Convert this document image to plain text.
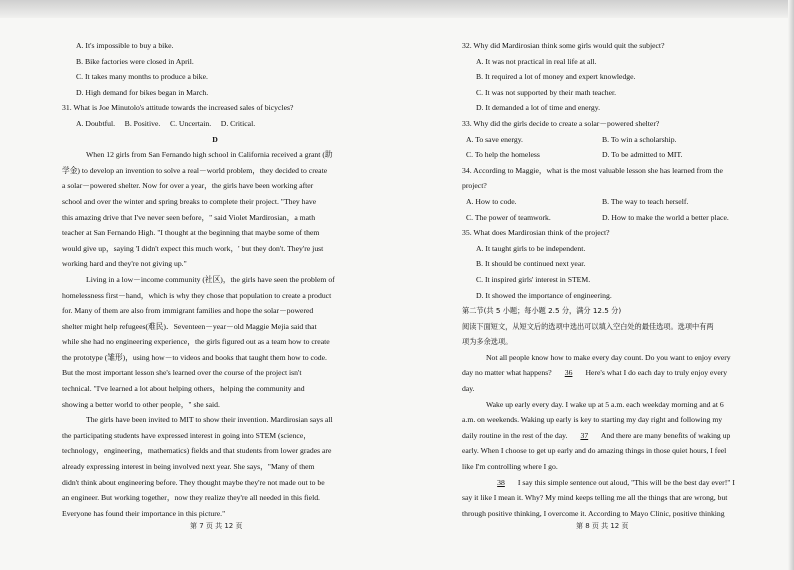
A. It's impossible to buy a bike.

B. Bike factories were closed in April.

C. It takes many months to produce a bike.

D. High demand for bikes began in March.

31. What is Joe Minutolo's attitude towards the increased sales of bicycles?

A. Doubtful.     B. Positive.     C. Uncertain.     D. Critical.

D

When 12 girls from San Fernando high school in California received a grant (助

学金) to develop an invention to solve a real－world problem，they decided to create

a solar－powered shelter. Now for over a year，the girls have been working after

school and over the winter and spring breaks to complete their project. "They have

this amazing drive that I've never seen before，" said Violet Mardirosian，a math

teacher at San Fernando High. "I thought at the beginning that maybe some of them

would give up，saying 'I didn't expect this much work，' but they don't. They're just

working hard and they're not giving up."

Living in a low－income community (社区)，the girls have seen the problem of

homelessness first－hand，which is why they chose that population to create a product

for. Many of them are also from immigrant families and hope the solar－powered

shelter might help refugees(难民)．Seventeen－year－old Maggie Mejia said that

while she had no engineering experience，the girls figured out as a team how to create

the prototype (雏形)，using how－to videos and books that taught them how to code.

But the most important lesson she's learned over the course of the project isn't

technical. "I've learned a lot about helping others，helping the community and

showing a better world to other people，" she said.

The girls have been invited to MIT to show their invention. Mardirosian says all

the participating students have expressed interest in going into STEM (science，

technology，engineering，mathematics) fields and that students from lower grades are

already expressing interest in being involved next year. She says，"Many of them

didn't think about engineering before. They thought maybe they're not made out to be

an engineer. But working together，now they realize they're all needed in this field.

Everyone has found their importance in this picture."

第 7 页 共 12 页

32. Why did Mardirosian think some girls would quit the subject?

A. It was not practical in real life at all.

B. It required a lot of money and expert knowledge.

C. It was not supported by their math teacher.

D. It demanded a lot of time and energy.

33. Why did the girls decide to create a solar－powered shelter?

A. To save energy.	B. To win a scholarship.

C. To help the homeless	D. To be admitted to MIT.

34. According to Maggie，what is the most valuable lesson she has learned from the

project?

A. How to code.	B. The way to teach herself.

C. The power of teamwork.	D. How to make the world a better place.

35. What does Mardirosian think of the project?

A. It taught girls to be independent.

B. It should be continued next year.

C. It inspired girls' interest in STEM.

D. It showed the importance of engineering.

第二节(共 5 小题；每小题 2.5 分，满分 12.5 分)

阅读下面短文，从短文后的选项中选出可以填入空白处的最佳选项。选项中有两

项为多余选项。

Not all people know how to make every day count. Do you want to enjoy every

day no matter what happens? 36 Here's what I do each day to truly enjoy every

day.

Wake up early every day. I wake up at 5 a.m. each weekday morning and at 6

a.m. on weekends. Waking up early is key to starting my day right and following my

daily routine in the rest of the day. 37 And there are many benefits of waking up

early. When I choose to get up early and do amazing things in those quiet hours, I feel

like I'm controlling where I go.

38 I say this simple sentence out aloud, "This will be the best day ever!" I

say it like I mean it. Why? My mind keeps telling me all the things that are wrong, but

through positive thinking, I overcome it. According to Mayo Clinic, positive thinking

第 8 页 共 12 页
